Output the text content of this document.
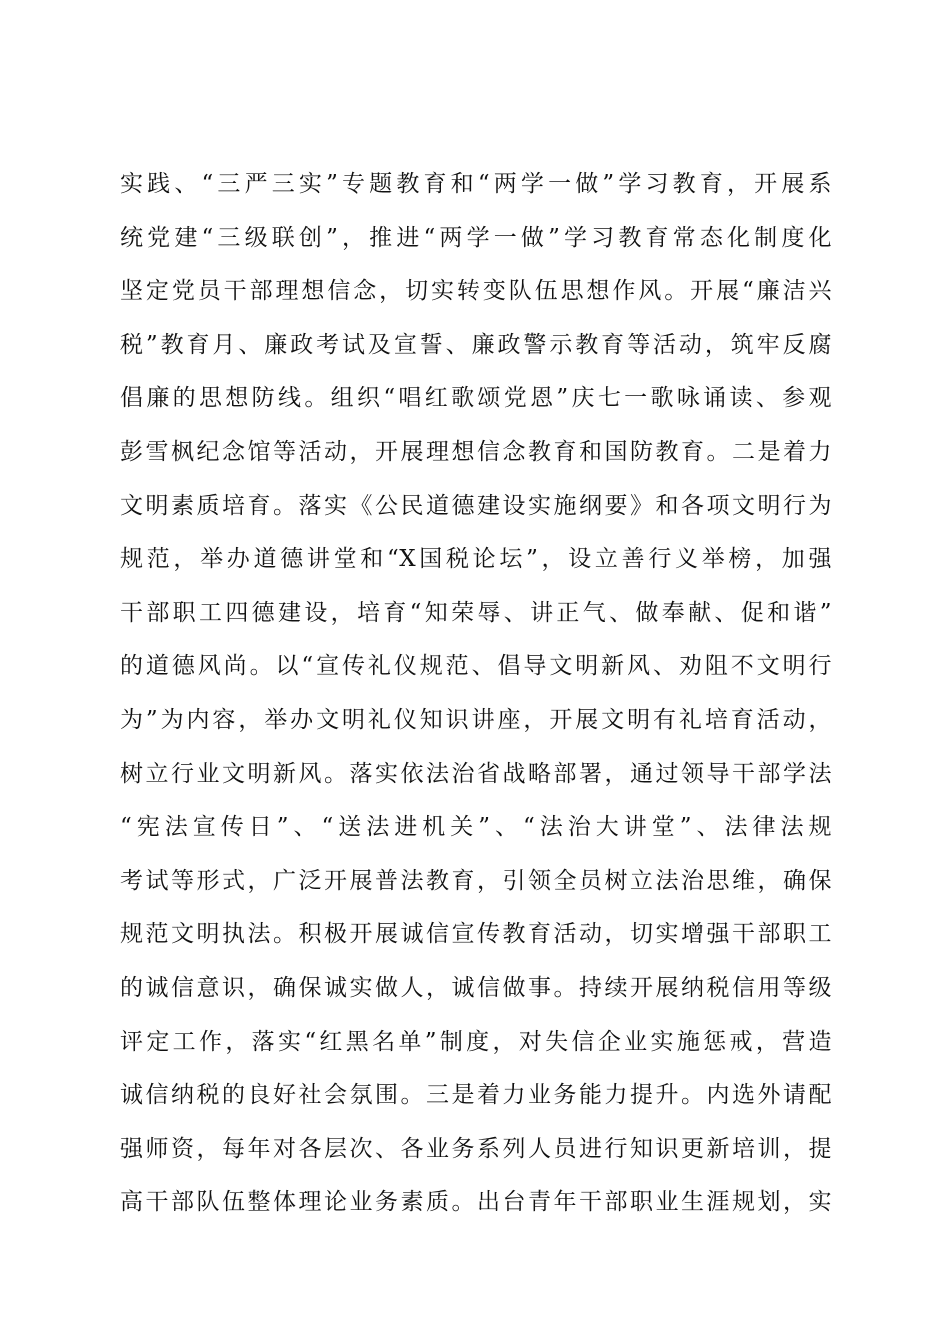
实践、“三严三实”专题教育和“两学一做”学习教育，开展系
统党建“三级联创”，推进“两学一做”学习教育常态化制度化
坚定党员干部理想信念，切实转变队伍思想作风。开展“廉洁兴
税”教育月、廉政考试及宣誓、廉政警示教育等活动，筑牢反腐
倡廉的思想防线。组织“唱红歌颂党恩”庆七一歌咏诵读、参观
彭雪枫纪念馆等活动，开展理想信念教育和国防教育。二是着力
文明素质培育。落实《公民道德建设实施纲要》和各项文明行为
规范，举办道德讲堂和“X国税论坛”，设立善行义举榜，加强
干部职工四德建设，培育“知荣辱、讲正气、做奉献、促和谐”
的道德风尚。以“宣传礼仪规范、倡导文明新风、劝阻不文明行
为”为内容，举办文明礼仪知识讲座，开展文明有礼培育活动，
树立行业文明新风。落实依法治省战略部署，通过领导干部学法
“宪法宣传日”、“送法进机关”、“法治大讲堂”、法律法规
考试等形式，广泛开展普法教育，引领全员树立法治思维，确保
规范文明执法。积极开展诚信宣传教育活动，切实增强干部职工
的诚信意识，确保诚实做人，诚信做事。持续开展纳税信用等级
评定工作，落实“红黑名单”制度，对失信企业实施惩戒，营造
诚信纳税的良好社会氛围。三是着力业务能力提升。内选外请配
强师资，每年对各层次、各业务系列人员进行知识更新培训，提
高干部队伍整体理论业务素质。出台青年干部职业生涯规划，实
